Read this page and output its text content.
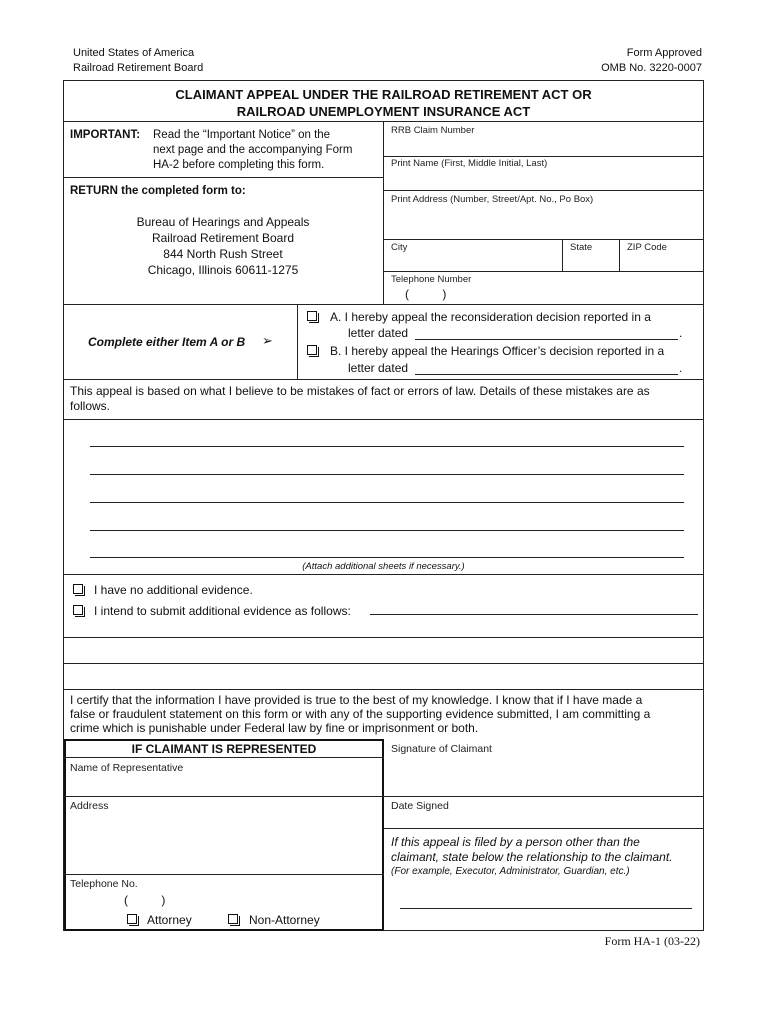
United States of America
Railroad Retirement Board
Form Approved
OMB No. 3220-0007
CLAIMANT APPEAL UNDER THE RAILROAD RETIREMENT ACT OR
RAILROAD UNEMPLOYMENT INSURANCE ACT
IMPORTANT: Read the “Important Notice” on the
next page and the accompanying Form
HA-2 before completing this form.
RETURN the completed form to:
Bureau of Hearings and Appeals
Railroad Retirement Board
844 North Rush Street
Chicago, Illinois 60611-1275
RRB Claim Number
Print Name (First, Middle Initial, Last)
Print Address (Number, Street/Apt. No., Po Box)
City	State	ZIP Code
Telephone Number
(          )
Complete either Item A or B ➢
A. I hereby appeal the reconsideration decision reported in a
letter dated	.
B. I hereby appeal the Hearings Officer’s decision reported in a
letter dated	.
This appeal is based on what I believe to be mistakes of fact or errors of law. Details of these mistakes are as
follows.
(Attach additional sheets if necessary.)
I have no additional evidence.
I intend to submit additional evidence as follows:
I certify that the information I have provided is true to the best of my knowledge. I know that if I have made a
false or fraudulent statement on this form or with any of the supporting evidence submitted, I am committing a
crime which is punishable under Federal law by fine or imprisonment or both.
IF CLAIMANT IS REPRESENTED
Name of Representative
Address
Telephone No.
(          )
Attorney	Non-Attorney
Signature of Claimant
Date Signed
If this appeal is filed by a person other than the
claimant, state below the relationship to the claimant.
(For example, Executor, Administrator, Guardian, etc.)
Form HA-1 (03-22)
